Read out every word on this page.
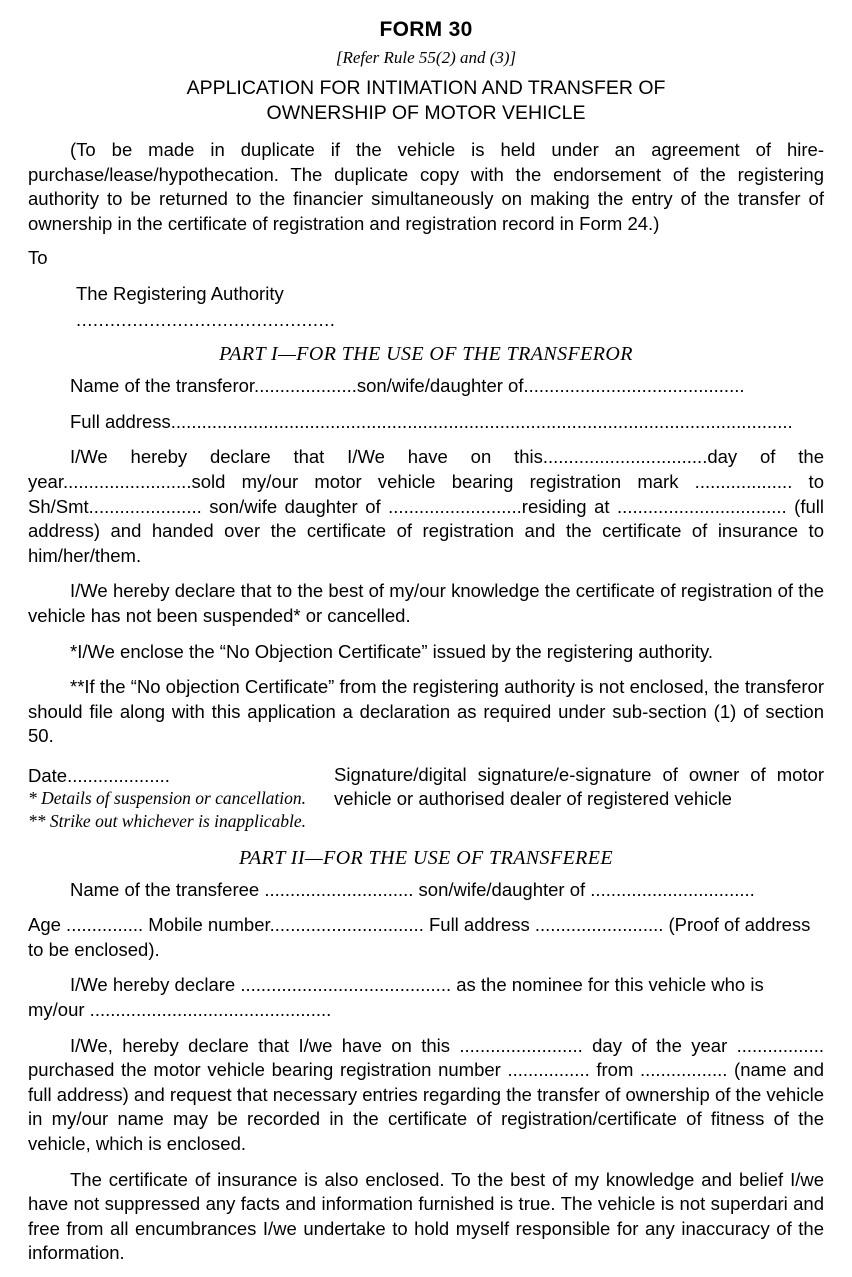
FORM 30
[Refer Rule 55(2) and (3)]
APPLICATION FOR INTIMATION AND TRANSFER OF
OWNERSHIP OF MOTOR VEHICLE

(To be made in duplicate if the vehicle is held under an agreement of hire-purchase/lease/hypothecation. The duplicate copy with the endorsement of the registering authority to be returned to the financier simultaneously on making the entry of the transfer of ownership in the certificate of registration and registration record in Form 24.)

To
The Registering Authority
..............................................
PART I—FOR THE USE OF THE TRANSFEROR

Name of the transferor....................son/wife/daughter of...........................................

Full address.........................................................................................................................

I/We hereby declare that I/We have on this................................day of the year.........................sold my/our motor vehicle bearing registration mark ................... to Sh/Smt...................... son/wife daughter of ..........................residing at ................................. (full address) and handed over the certificate of registration and the certificate of insurance to him/her/them.

I/We hereby declare that to the best of my/our knowledge the certificate of registration of the vehicle has not been suspended* or cancelled.

*I/We enclose the “No Objection Certificate” issued by the registering authority.

**If the “No objection Certificate” from the registering authority is not enclosed, the transferor should file along with this application a declaration as required under sub-section (1) of section 50.

Date....................	Signature/digital signature/e-signature of owner of motor vehicle or authorised dealer of registered vehicle

* Details of suspension or cancellation.

** Strike out whichever is inapplicable.

PART II—FOR THE USE OF TRANSFEREE

Name of the transferee ............................. son/wife/daughter of ................................

Age ............... Mobile number.............................. Full address ......................... (Proof of address to be enclosed).

I/We hereby declare ......................................... as the nominee for this vehicle who is my/our ...............................................

I/We, hereby declare that I/we have on this ........................ day of the year ................. purchased the motor vehicle bearing registration number ................ from ................. (name and full address) and request that necessary entries regarding the transfer of ownership of the vehicle in my/our name may be recorded in the certificate of registration/certificate of fitness of the vehicle, which is enclosed.

The certificate of insurance is also enclosed. To the best of my knowledge and belief I/we have not suppressed any facts and information furnished is true. The vehicle is not superdari and free from all encumbrances I/we undertake to hold myself responsible for any inaccuracy of the information.
